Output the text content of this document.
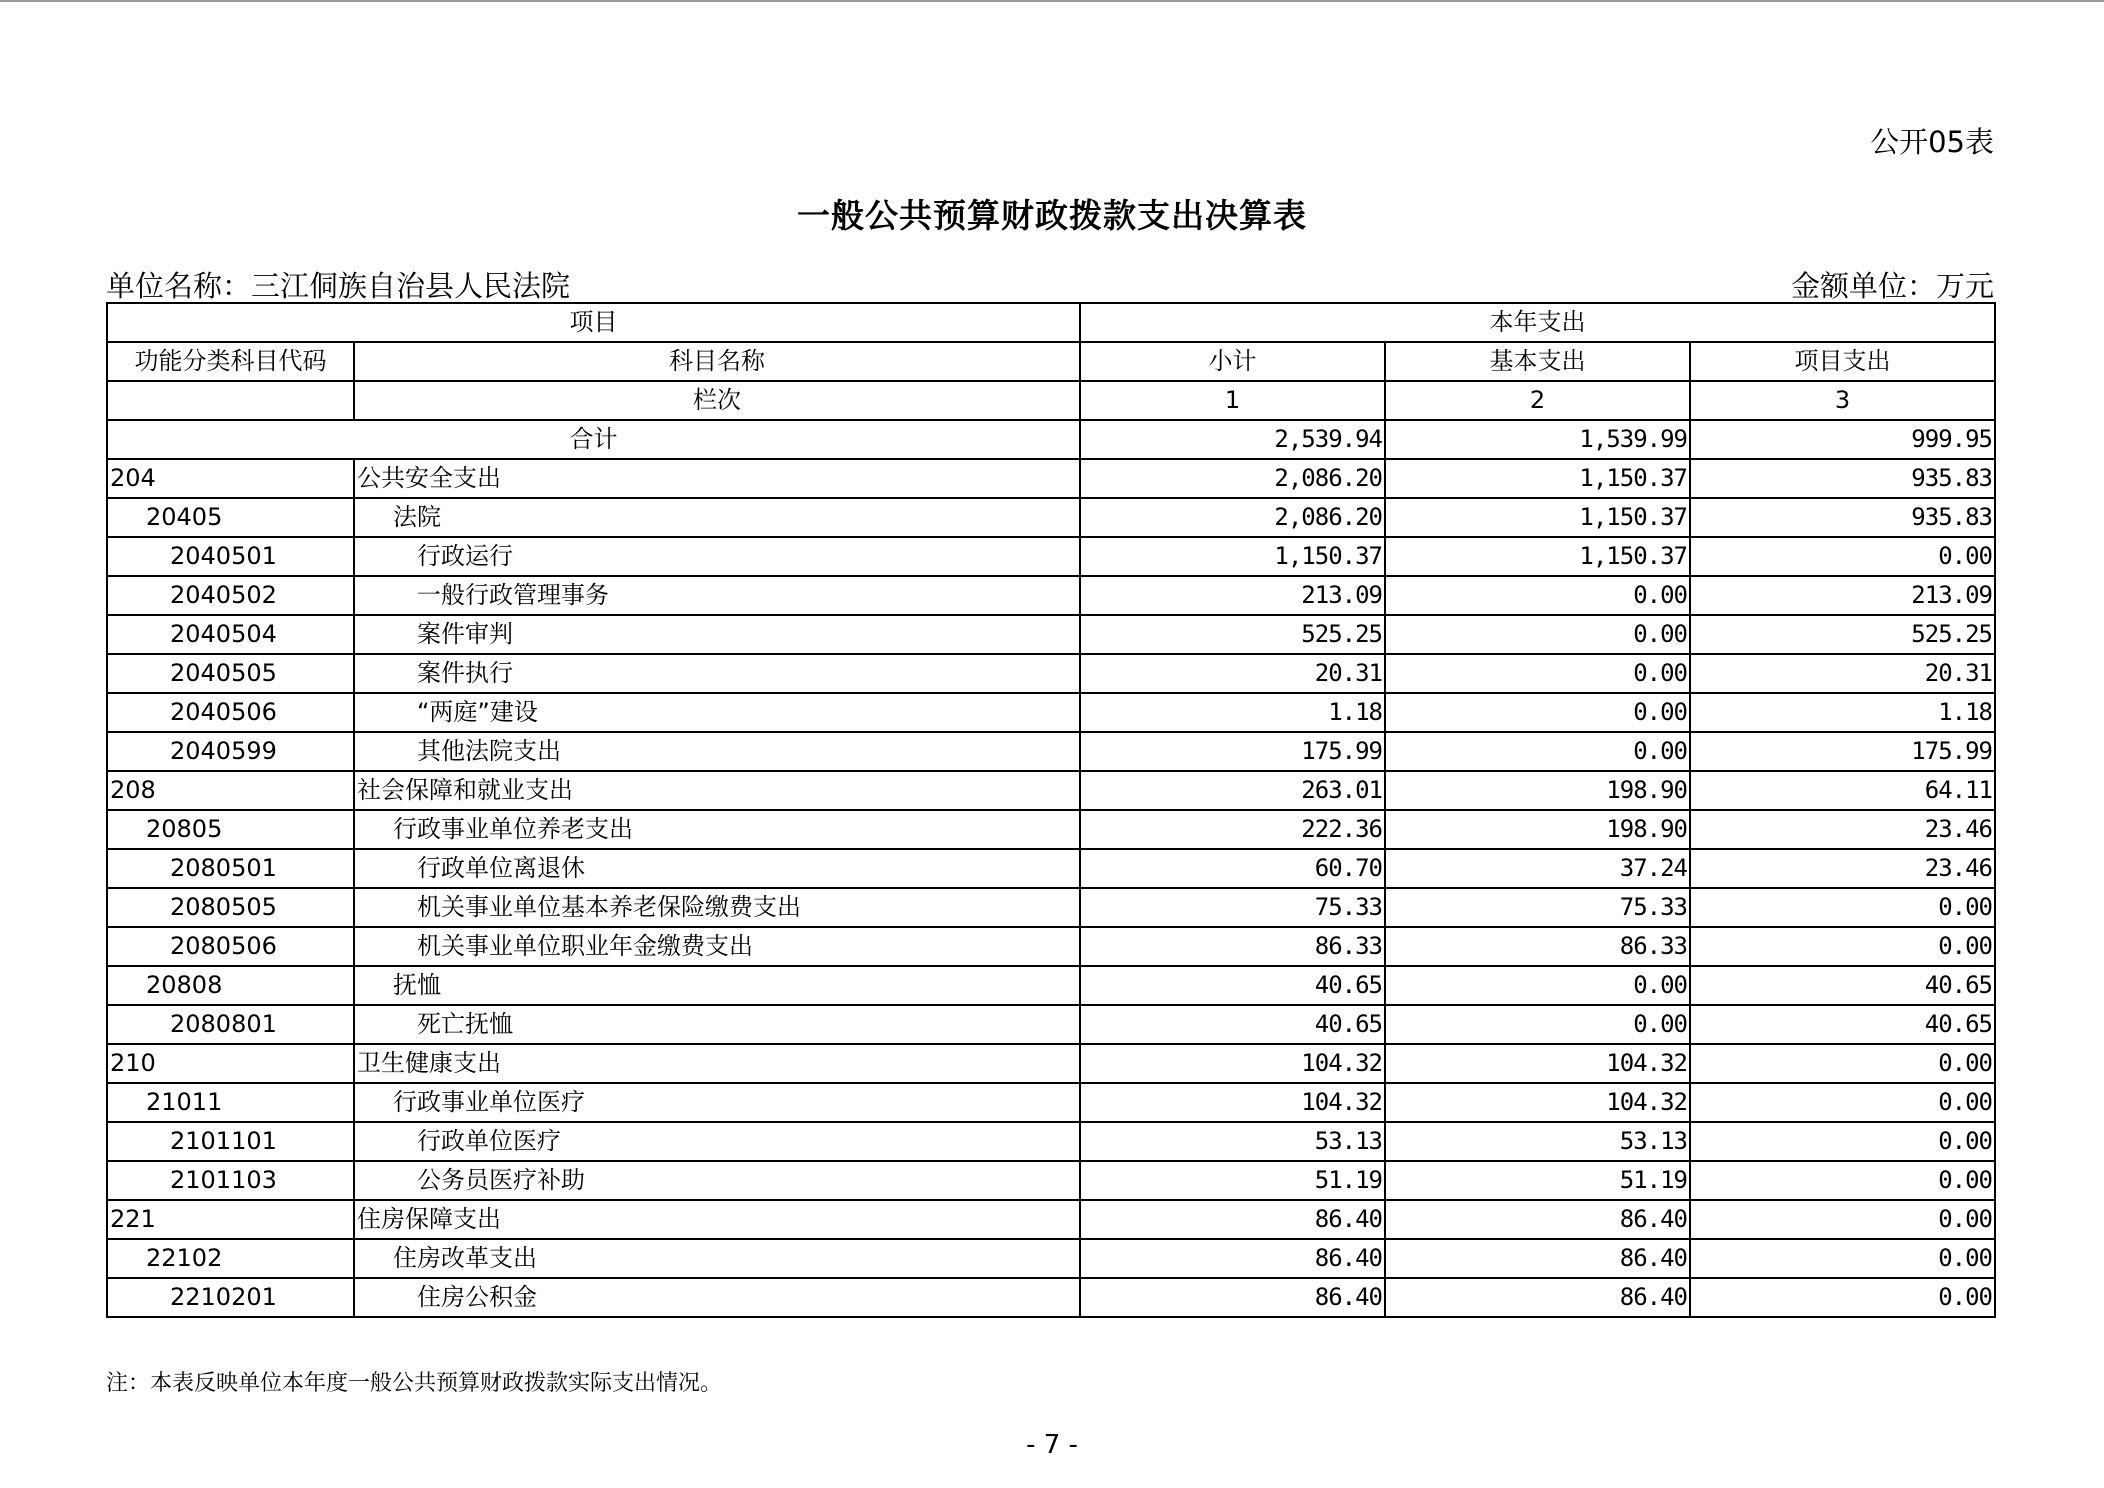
公开05表
一般公共预算财政拨款支出决算表
单位名称：三江侗族自治县人民法院	金额单位：万元
项目		本年支出		
功能分类科目代码	科目名称	小计	基本支出	项目支出
	栏次	1	2	3
合计		2,539.94	1,539.99	999.95
204	公共安全支出	2,086.20	1,150.37	935.83
20405	法院	2,086.20	1,150.37	935.83
2040501	行政运行	1,150.37	1,150.37	0.00
2040502	一般行政管理事务	213.09	0.00	213.09
2040504	案件审判	525.25	0.00	525.25
2040505	案件执行	20.31	0.00	20.31
2040506	“两庭”建设	1.18	0.00	1.18
2040599	其他法院支出	175.99	0.00	175.99
208	社会保障和就业支出	263.01	198.90	64.11
20805	行政事业单位养老支出	222.36	198.90	23.46
2080501	行政单位离退休	60.70	37.24	23.46
2080505	机关事业单位基本养老保险缴费支出	75.33	75.33	0.00
2080506	机关事业单位职业年金缴费支出	86.33	86.33	0.00
20808	抚恤	40.65	0.00	40.65
2080801	死亡抚恤	40.65	0.00	40.65
210	卫生健康支出	104.32	104.32	0.00
21011	行政事业单位医疗	104.32	104.32	0.00
2101101	行政单位医疗	53.13	53.13	0.00
2101103	公务员医疗补助	51.19	51.19	0.00
221	住房保障支出	86.40	86.40	0.00
22102	住房改革支出	86.40	86.40	0.00
2210201	住房公积金	86.40	86.40	0.00
注：本表反映单位本年度一般公共预算财政拨款实际支出情况。
- 7 -
